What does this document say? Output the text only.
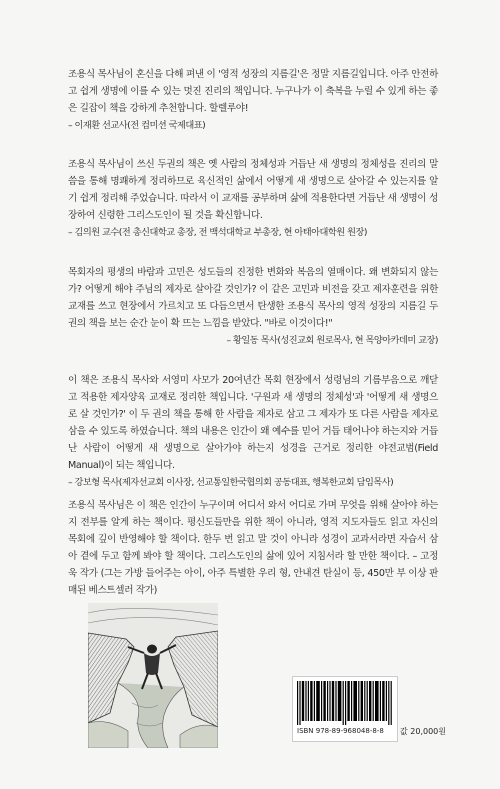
조용식 목사님이 혼신을 다해 펴낸 이 '영적 성장의 지름길'은 정말 지름길입니다. 아주 안전하고 쉽게 생명에 이를 수 있는 멋진 진리의 책입니다. 누구나가 이 축복을 누릴 수 있게 하는 좋은 길잡이 책을 강하게 추천합니다. 할렐루야!

– 이재환 선교사(전 컴미션 국제대표)

조용식 목사님이 쓰신 두권의 책은 옛 사람의 정체성과 거듭난 새 생명의 정체성을 진리의 말씀을 통해 명쾌하게 정리하므로 육신적인 삶에서 어떻게 새 생명으로 살아갈 수 있는지를 알기 쉽게 정리해 주었습니다. 따라서 이 교재를 공부하며 삶에 적용한다면 거듭난 새 생명이 성장하여 신령한 그리스도인이 될 것을 확신합니다.

– 김의원 교수(전 총신대학교 총장, 전 백석대학교 부총장, 현 아태아대학원 원장)

목회자의 평생의 바람과 고민은 성도들의 진정한 변화와 복음의 열매이다. 왜 변화되지 않는가? 어떻게 해야 주님의 제자로 살아갈 것인가? 이 같은 고민과 비전을 갖고 제자훈련을 위한 교재를 쓰고 현장에서 가르치고 또 다듬으면서 탄생한 조용식 목사의 영적 성장의 지름길 두 권의 책을 보는 순간 눈이 확 뜨는 느낌을 받았다. "바로 이것이다!"

– 황일동 목사(성진교회 원로목사, 현 목양아카데미 교장)

이 책은 조용식 목사와 서영미 사모가 20여년간 목회 현장에서 성령님의 기름부음으로 깨닫고 적용한 제자양육 교재로 정리한 책입니다. '구원과 새 생명의 정체성'과 '어떻게 새 생명으로 살 것인가?' 이 두 권의 책을 통해 한 사람을 제자로 삼고 그 제자가 또 다른 사람을 제자로 삼을 수 있도록 하였습니다. 책의 내용은 인간이 왜 예수를 믿어 거듭 태어나야 하는지와 거듭난 사람이 어떻게 새 생명으로 살아가야 하는지 성경을 근거로 정리한 야전교범(Field Manual)이 되는 책입니다.

– 강보형 목사(제자선교회 이사장, 선교통일한국협의회 공동대표, 행복한교회 담임목사)

조용식 목사님은 이 책은 인간이 누구이며 어디서 와서 어디로 가며 무엇을 위해 살아야 하는지 전부를 알게 하는 책이다. 평신도들만을 위한 책이 아니라, 영적 지도자들도 읽고 자신의 목회에 깊이 반영해야 할 책이다. 한두 번 읽고 말 것이 아니라 성경이 교과서라면 자습서 삼아 곁에 두고 함께 봐야 할 책이다. 그리스도인의 삶에 있어 지침서라 할 만한 책이다. – 고정욱 작가 (그는 가방 들어주는 아이, 아주 특별한 우리 형, 안내견 탄실이 등, 450만 부 이상 판매된 베스트셀러 작가)

ISBN 978-89-968048-8-8 값 20,000원
